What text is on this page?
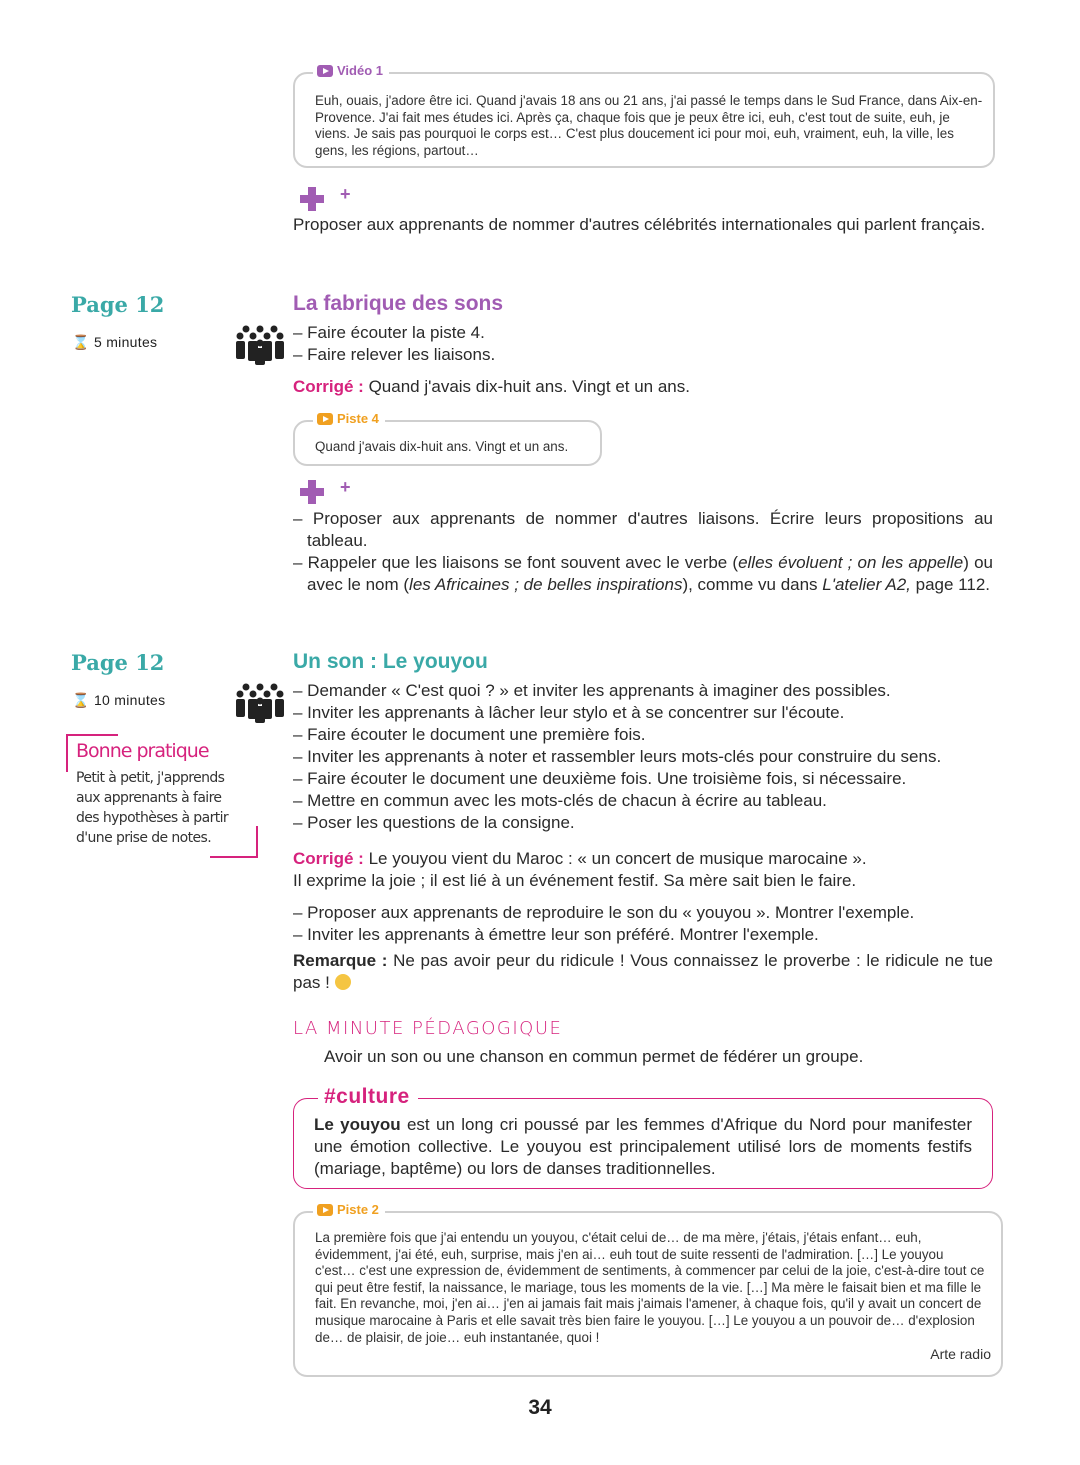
Vidéo 1
Euh, ouais, j'adore être ici. Quand j'avais 18 ans ou 21 ans, j'ai passé le temps dans le Sud France, dans Aix-en-Provence. J'ai fait mes études ici. Après ça, chaque fois que je peux être ici, euh, c'est tout de suite, euh, je viens. Je sais pas pourquoi le corps est… C'est plus doucement ici pour moi, euh, vraiment, euh, la ville, les gens, les régions, partout…
+
Proposer aux apprenants de nommer d'autres célébrités internationales qui parlent français.
Page 12
⌛ 5 minutes
La fabrique des sons
– Faire écouter la piste 4.
– Faire relever les liaisons.
Corrigé : Quand j'avais dix-huit ans. Vingt et un ans.
Piste 4
Quand j'avais dix-huit ans. Vingt et un ans.
+
– Proposer aux apprenants de nommer d'autres liaisons. Écrire leurs propositions au tableau.
– Rappeler que les liaisons se font souvent avec le verbe (elles évoluent ; on les appelle) ou avec le nom (les Africaines ; de belles inspirations), comme vu dans L'atelier A2, page 112.
Page 12
⌛ 10 minutes
Bonne pratique
Petit à petit, j'apprends aux apprenants à faire des hypothèses à partir d'une prise de notes.
Un son : Le youyou
– Demander « C'est quoi ? » et inviter les apprenants à imaginer des possibles.
– Inviter les apprenants à lâcher leur stylo et à se concentrer sur l'écoute.
– Faire écouter le document une première fois.
– Inviter les apprenants à noter et rassembler leurs mots-clés pour construire du sens.
– Faire écouter le document une deuxième fois. Une troisième fois, si nécessaire.
– Mettre en commun avec les mots-clés de chacun à écrire au tableau.
– Poser les questions de la consigne.
Corrigé : Le youyou vient du Maroc : « un concert de musique marocaine ».
Il exprime la joie ; il est lié à un événement festif. Sa mère sait bien le faire.
– Proposer aux apprenants de reproduire le son du « youyou ». Montrer l'exemple.
– Inviter les apprenants à émettre leur son préféré. Montrer l'exemple.
Remarque : Ne pas avoir peur du ridicule ! Vous connaissez le proverbe : le ridicule ne tue pas !
LA MINUTE PÉDAGOGIQUE
Avoir un son ou une chanson en commun permet de fédérer un groupe.
#culture
Le youyou est un long cri poussé par les femmes d'Afrique du Nord pour manifester une émotion collective. Le youyou est principalement utilisé lors de moments festifs (mariage, baptême) ou lors de danses traditionnelles.
Piste 2
La première fois que j'ai entendu un youyou, c'était celui de… de ma mère, j'étais, j'étais enfant… euh, évidemment, j'ai été, euh, surprise, mais j'en ai… euh tout de suite ressenti de l'admiration. […] Le youyou c'est… c'est une expression de, évidemment de sentiments, à commencer par celui de la joie, c'est-à-dire tout ce qui peut être festif, la naissance, le mariage, tous les moments de la vie. […] Ma mère le faisait bien et ma fille le fait. En revanche, moi, j'en ai… j'en ai jamais fait mais j'aimais l'amener, à chaque fois, qu'il y avait un concert de musique marocaine à Paris et elle savait très bien faire le youyou. […] Le youyou a un pouvoir de… d'explosion de… de plaisir, de joie… euh instantanée, quoi !
Arte radio
34
